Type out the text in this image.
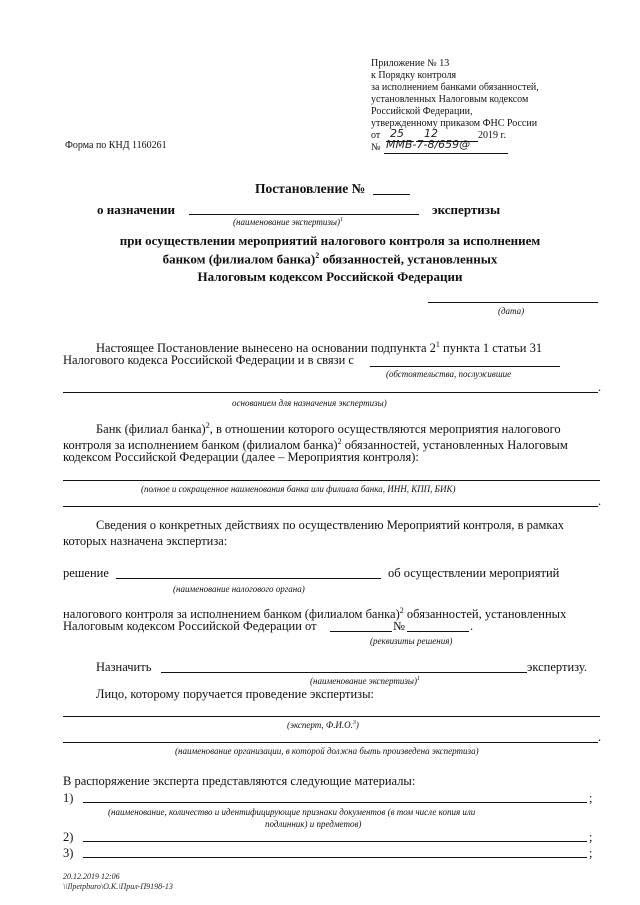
Приложение № 13
к Порядку контроля
за исполнением банками обязанностей,
установленных Налоговым кодексом
Российской Федерации,
утвержденному приказом ФНС России
от 25 12	2019 г.
№ ММВ-7-8/659@
Форма по КНД 1160261
Постановление №
о назначении	экспертизы
(наименование экспертизы)$^1$
при осуществлении мероприятий налогового контроля за исполнением
банком (филиалом банка)$^2$ обязанностей, установленных
Налоговым кодексом Российской Федерации
(дата)
Настоящее Постановление вынесено на основании подпункта $2^1$ пункта 1 статьи 31
Налогового кодекса Российской Федерации и в связи с
(обстоятельства, послужившие
.
основанием для назначения экспертизы)
Банк (филиал банка)$^2$, в отношении которого осуществляются мероприятия налогового
контроля за исполнением банком (филиалом банка)$^2$ обязанностей, установленных Налоговым
кодексом Российской Федерации (далее – Мероприятия контроля):
(полное и сокращенное наименования банка или филиала банка, ИНН, КПП, БИК)
.
Сведения о конкретных действиях по осуществлению Мероприятий контроля, в рамках
которых назначена экспертиза:
решение	об осуществлении мероприятий
(наименование налогового органа)
налогового контроля за исполнением банком (филиалом банка)$^2$ обязанностей, установленных
Налоговым кодексом Российской Федерации от	№	.
(реквизиты решения)
Назначить	экспертизу.
(наименование экспертизы)$^1$
Лицо, которому поручается проведение экспертизы:
(эксперт, Ф.И.О.$^3$)
.
(наименование организации, в которой должна быть произведена экспертиза)
В распоряжение эксперта представляются следующие материалы:
1)	;
(наименование, количество и идентифицирующие признаки документов (в том числе копия или
подлинник) и предметов)
2)	;
3)	;
20.12.2019 12:06
\\Ilpetpburo\O.К.\Прил-П9198-13
